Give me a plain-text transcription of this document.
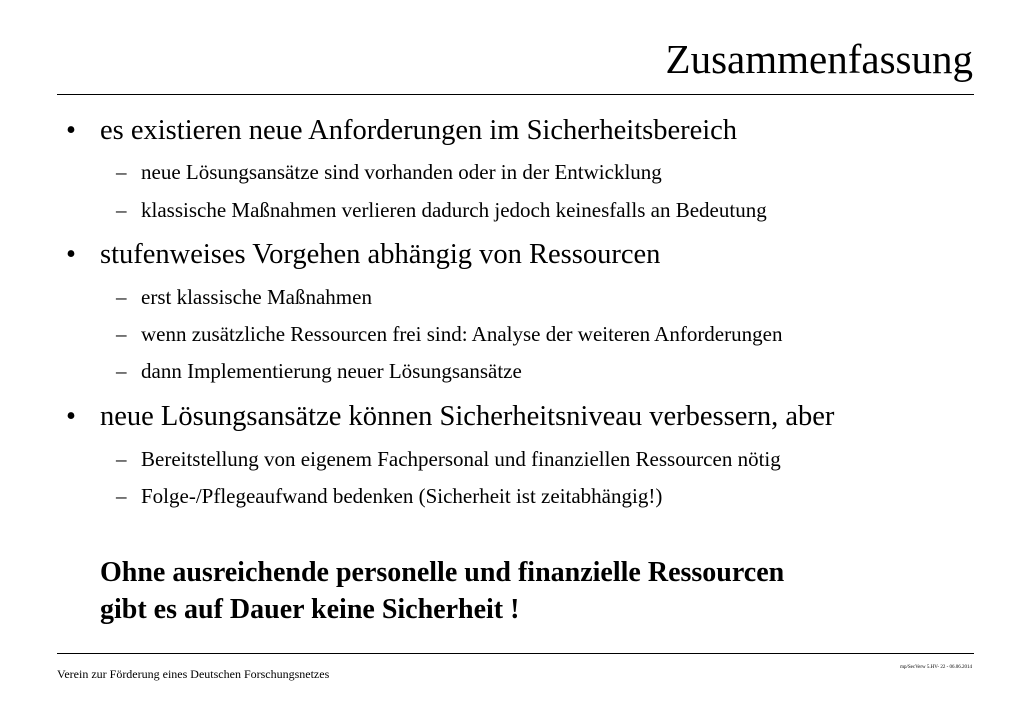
Zusammenfassung
• es existieren neue Anforderungen im Sicherheitsbereich
– neue Lösungsansätze sind vorhanden oder in der Entwicklung
– klassische Maßnahmen verlieren dadurch jedoch keinesfalls an Bedeutung
• stufenweises Vorgehen abhängig von Ressourcen
– erst klassische Maßnahmen
– wenn zusätzliche Ressourcen frei sind: Analyse der weiteren Anforderungen
– dann Implementierung neuer Lösungsansätze
• neue Lösungsansätze können Sicherheitsniveau verbessern, aber
– Bereitstellung von eigenem Fachpersonal und finanziellen Ressourcen nötig
– Folge-/Pflegeaufwand bedenken (Sicherheit ist zeitabhängig!)
Ohne ausreichende personelle und finanzielle Ressourcen
gibt es auf Dauer keine Sicherheit !
Verein zur Förderung eines Deutschen Forschungsnetzes	mp/SecVerw 5.HV- 22 - 06.06.2014
